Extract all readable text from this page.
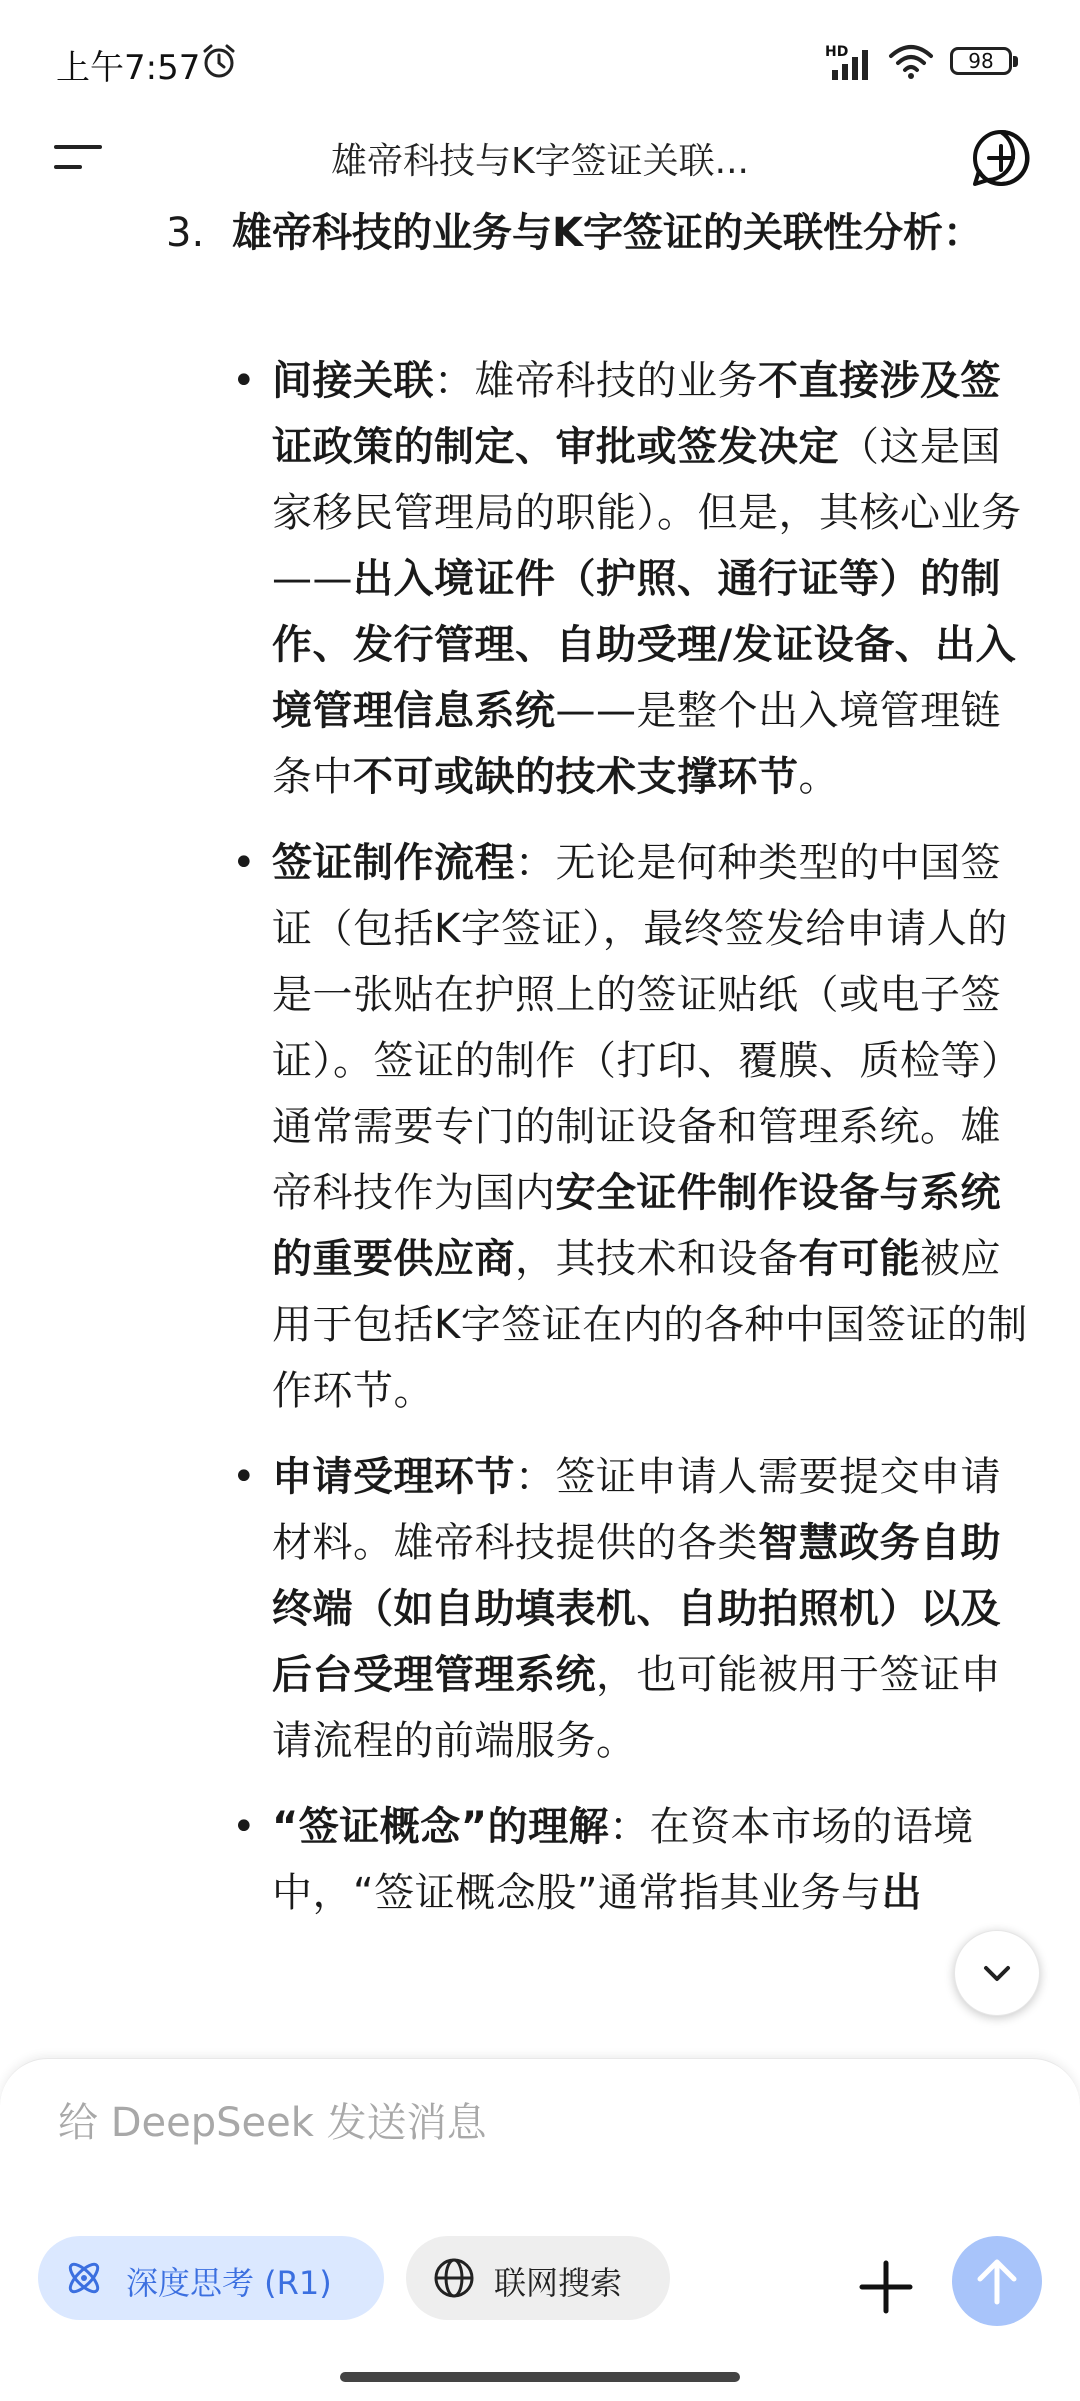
上午7:57	HD	98
雄帝科技与K字签证关联...
3. 雄帝科技的业务与K字签证的关联性分析：
• 间接关联：雄帝科技的业务不直接涉及签证政策的制定、审批或签发决定（这是国家移民管理局的职能）。但是，其核心业务——出入境证件（护照、通行证等）的制作、发行管理、自助受理/发证设备、出入境管理信息系统——是整个出入境管理链条中不可或缺的技术支撑环节。
• 签证制作流程：无论是何种类型的中国签证（包括K字签证），最终签发给申请人的是一张贴在护照上的签证贴纸（或电子签证）。签证的制作（打印、覆膜、质检等）通常需要专门的制证设备和管理系统。雄帝科技作为国内安全证件制作设备与系统的重要供应商，其技术和设备有可能被应用于包括K字签证在内的各种中国签证的制作环节。
• 申请受理环节：签证申请人需要提交申请材料。雄帝科技提供的各类智慧政务自助终端（如自助填表机、自助拍照机）以及后台受理管理系统，也可能被用于签证申请流程的前端服务。
• “签证概念”的理解：在资本市场的语境中，“签证概念股”通常指其业务与出
给 DeepSeek 发送消息
深度思考 (R1)	联网搜索
